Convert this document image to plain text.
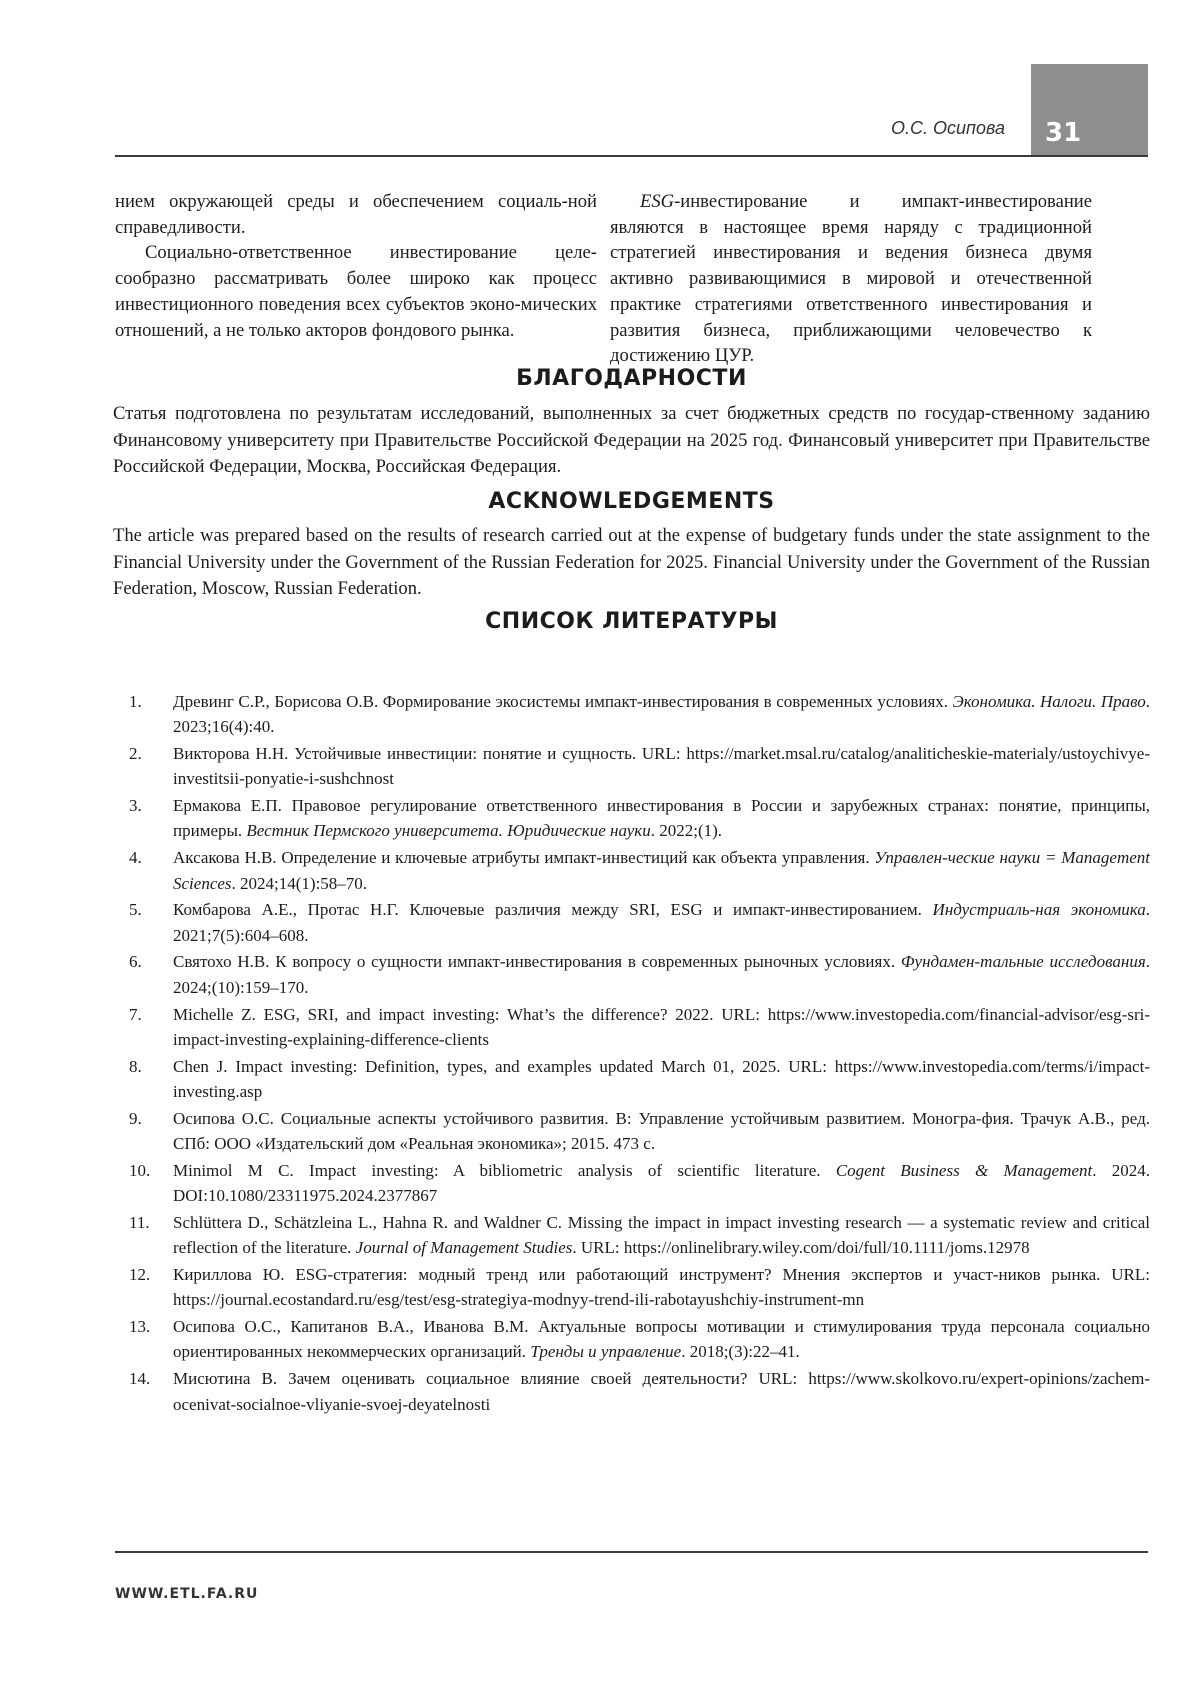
31
О.С. Осипова

нием окружающей среды и обеспечением социаль-ной справедливости.

Социально-ответственное инвестирование целе-сообразно рассматривать более широко как процесс инвестиционного поведения всех субъектов эконо-мических отношений, а не только акторов фондового рынка.

ESG-инвестирование и импакт-инвестирование являются в настоящее время наряду с традиционной стратегией инвестирования и ведения бизнеса двумя активно развивающимися в мировой и отечественной практике стратегиями ответственного инвестирования и развития бизнеса, приближающими человечество к достижению ЦУР.

БЛАГОДАРНОСТИ

Статья подготовлена по результатам исследований, выполненных за счет бюджетных средств по государ-ственному заданию Финансовому университету при Правительстве Российской Федерации на 2025 год. Финансовый университет при Правительстве Российской Федерации, Москва, Российская Федерация.

ACKNOWLEDGEMENTS

The article was prepared based on the results of research carried out at the expense of budgetary funds under the state assignment to the Financial University under the Government of the Russian Federation for 2025. Financial University under the Government of the Russian Federation, Moscow, Russian Federation.

СПИСОК ЛИТЕРАТУРЫ
1. Древинг С.Р., Борисова О.В. Формирование экосистемы импакт-инвестирования в современных условиях. Экономика. Налоги. Право. 2023;16(4):40.
2. Викторова Н.Н. Устойчивые инвестиции: понятие и сущность. URL: https://market.msal.ru/catalog/analiticheskie-materialy/ustoychivye-investitsii-ponyatie-i-sushchnost
3. Ермакова Е.П. Правовое регулирование ответственного инвестирования в России и зарубежных странах: понятие, принципы, примеры. Вестник Пермского университета. Юридические науки. 2022;(1).
4. Аксакова Н.В. Определение и ключевые атрибуты импакт-инвестиций как объекта управления. Управлен-ческие науки = Management Sciences. 2024;14(1):58–70.
5. Комбарова А.Е., Протас Н.Г. Ключевые различия между SRI, ESG и импакт-инвестированием. Индустриаль-ная экономика. 2021;7(5):604–608.
6. Святохо Н.В. К вопросу о сущности импакт-инвестирования в современных рыночных условиях. Фундамен-тальные исследования. 2024;(10):159–170.
7. Michelle Z. ESG, SRI, and impact investing: What’s the difference? 2022. URL: https://www.investopedia.com/financial-advisor/esg-sri-impact-investing-explaining-difference-clients
8. Chen J. Impact investing: Definition, types, and examples updated March 01, 2025. URL: https://www.investopedia.com/terms/i/impact-investing.asp
9. Осипова О.С. Социальные аспекты устойчивого развития. В: Управление устойчивым развитием. Моногра-фия. Трачук А.В., ред. СПб: ООО «Издательский дом «Реальная экономика»; 2015. 473 с.
10. Minimol M C. Impact investing: A bibliometric analysis of scientific literature. Cogent Business & Management. 2024. DOI:10.1080/23311975.2024.2377867
11. Schlüttera D., Schätzleina L., Hahna R. and Waldner C. Missing the impact in impact investing research — a systematic review and critical reflection of the literature. Journal of Management Studies. URL: https://onlinelibrary.wiley.com/doi/full/10.1111/joms.12978
12. Кириллова Ю. ESG-стратегия: модный тренд или работающий инструмент? Мнения экспертов и участ-ников рынка. URL: https://journal.ecostandard.ru/esg/test/esg-strategiya-modnyy-trend-ili-rabotayushchiy-instrument-mn
13. Осипова О.С., Капитанов В.А., Иванова В.М. Актуальные вопросы мотивации и стимулирования труда персонала социально ориентированных некоммерческих организаций. Тренды и управление. 2018;(3):22–41.
14. Мисютина В. Зачем оценивать социальное влияние своей деятельности? URL: https://www.skolkovo.ru/expert-opinions/zachem-ocenivat-socialnoe-vliyanie-svoej-deyatelnosti
WWW.ETL.FA.RU
